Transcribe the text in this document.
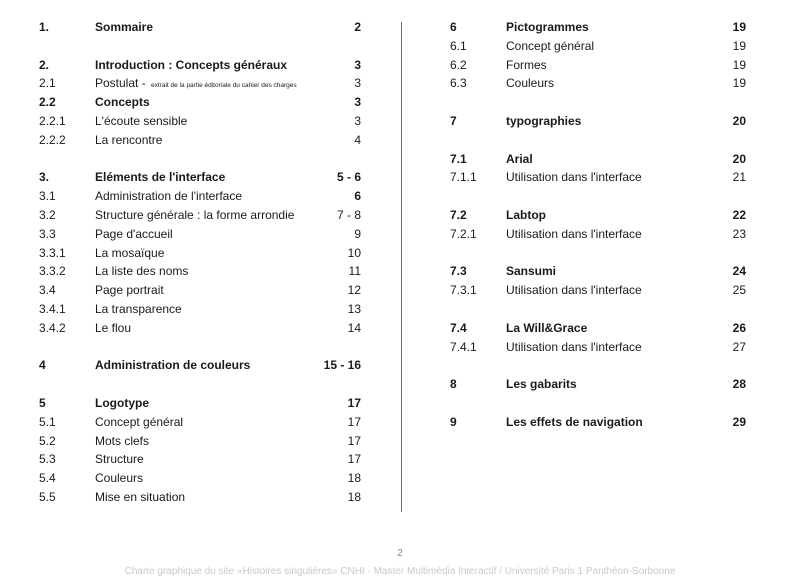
1.	Sommaire	2
2.	Introduction : Concepts généraux	3
2.1	Postulat - extrait de la partie éditoriale du cahier des charges	3
2.2	Concepts	3
2.2.1 L'écoute sensible	3
2.2.2 La rencontre	4
3.	Eléments de l'interface	5 - 6
3.1	Administration de l'interface	6
3.2	Structure générale : la forme arrondie	7 - 8
3.3	Page d'accueil	9
3.3.1 La mosaïque	10
3.3.2 La liste des noms	11
3.4	Page portrait	12
3.4.1 La transparence	13
3.4.2 Le flou	14
4	Administration de couleurs	15 - 16
5	Logotype	17
5.1	Concept général	17
5.2	Mots clefs	17
5.3	Structure	17
5.4	Couleurs	18
5.5	Mise en situation	18
6	Pictogrammes	19
6.1	Concept général	19
6.2	Formes	19
6.3	Couleurs	19
7	typographies	20
7.1	Arial	20
7.1.1 Utilisation dans l'interface	21
7.2	Labtop	22
7.2.1 Utilisation dans l'interface	23
7.3	Sansumi	24
7.3.1 Utilisation dans l'interface	25
7.4	La Will&Grace	26
7.4.1 Utilisation dans l'interface	27
8	Les gabarits	28
9	Les effets de navigation	29
2
Charte graphique du site «Histoires singulières» CNHI - Master Multimédia Interactif / Université Paris 1 Panthéon-Sorbonne
